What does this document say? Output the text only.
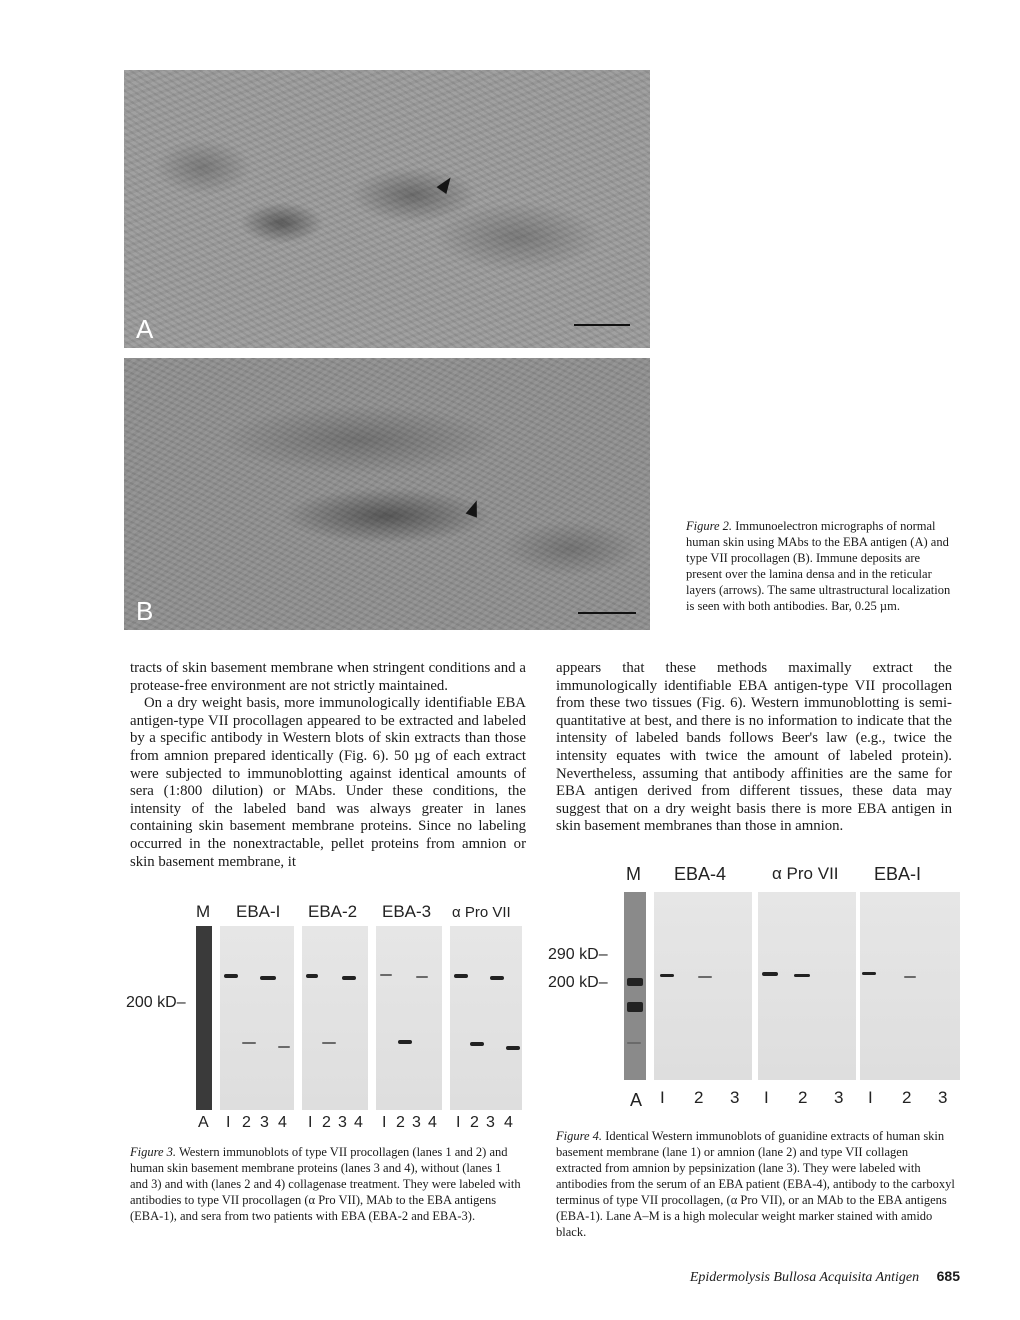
A
B
Figure 2. Immunoelectron micrographs of normal human skin using MAbs to the EBA antigen (A) and type VII procollagen (B). Immune deposits are present over the lamina densa and in the reticular layers (arrows). The same ultrastructural localization is seen with both antibodies. Bar, 0.25 µm.

tracts of skin basement membrane when stringent conditions and a protease-free environment are not strictly maintained.

On a dry weight basis, more immunologically identifiable EBA antigen-type VII procollagen appeared to be extracted and labeled by a specific antibody in Western blots of skin extracts than those from amnion prepared identically (Fig. 6). 50 µg of each extract were subjected to immunoblotting against identical amounts of sera (1:800 dilution) or MAbs. Under these conditions, the intensity of the labeled band was always greater in lanes containing skin basement membrane proteins. Since no labeling occurred in the nonextractable, pellet proteins from amnion or skin basement membrane, it

appears that these methods maximally extract the immunologically identifiable EBA antigen-type VII procollagen from these two tissues (Fig. 6). Western immunoblotting is semi-quantitative at best, and there is no information to indicate that the intensity of labeled bands follows Beer's law (e.g., twice the intensity equates with twice the amount of labeled protein). Nevertheless, assuming that antibody affinities are the same for EBA antigen derived from different tissues, these data may suggest that on a dry weight basis there is more EBA antigen in skin basement membranes than those in amnion.

M EBA-I EBA-2 EBA-3 α Pro VII
200 kD–
A I 2 3 4 I 2 3 4 I 2 3 4 I 2 3 4
Figure 3. Western immunoblots of type VII procollagen (lanes 1 and 2) and human skin basement membrane proteins (lanes 3 and 4), without (lanes 1 and 3) and with (lanes 2 and 4) collagenase treatment. They were labeled with antibodies to type VII procollagen (α Pro VII), MAb to the EBA antigens (EBA-1), and sera from two patients with EBA (EBA-2 and EBA-3).
M EBA-4	α Pro VII EBA-I
290 kD–
200 kD–
A I 2 3 I 2 3 I 2 3
Figure 4. Identical Western immunoblots of guanidine extracts of human skin basement membrane (lane 1) or amnion (lane 2) and type VII collagen extracted from amnion by pepsinization (lane 3). They were labeled with antibodies from the serum of an EBA patient (EBA-4), antibody to the carboxyl terminus of type VII procollagen, (α Pro VII), or an MAb to the EBA antigens (EBA-1). Lane A–M is a high molecular weight marker stained with amido black.
Epidermolysis Bullosa Acquisita Antigen 685
